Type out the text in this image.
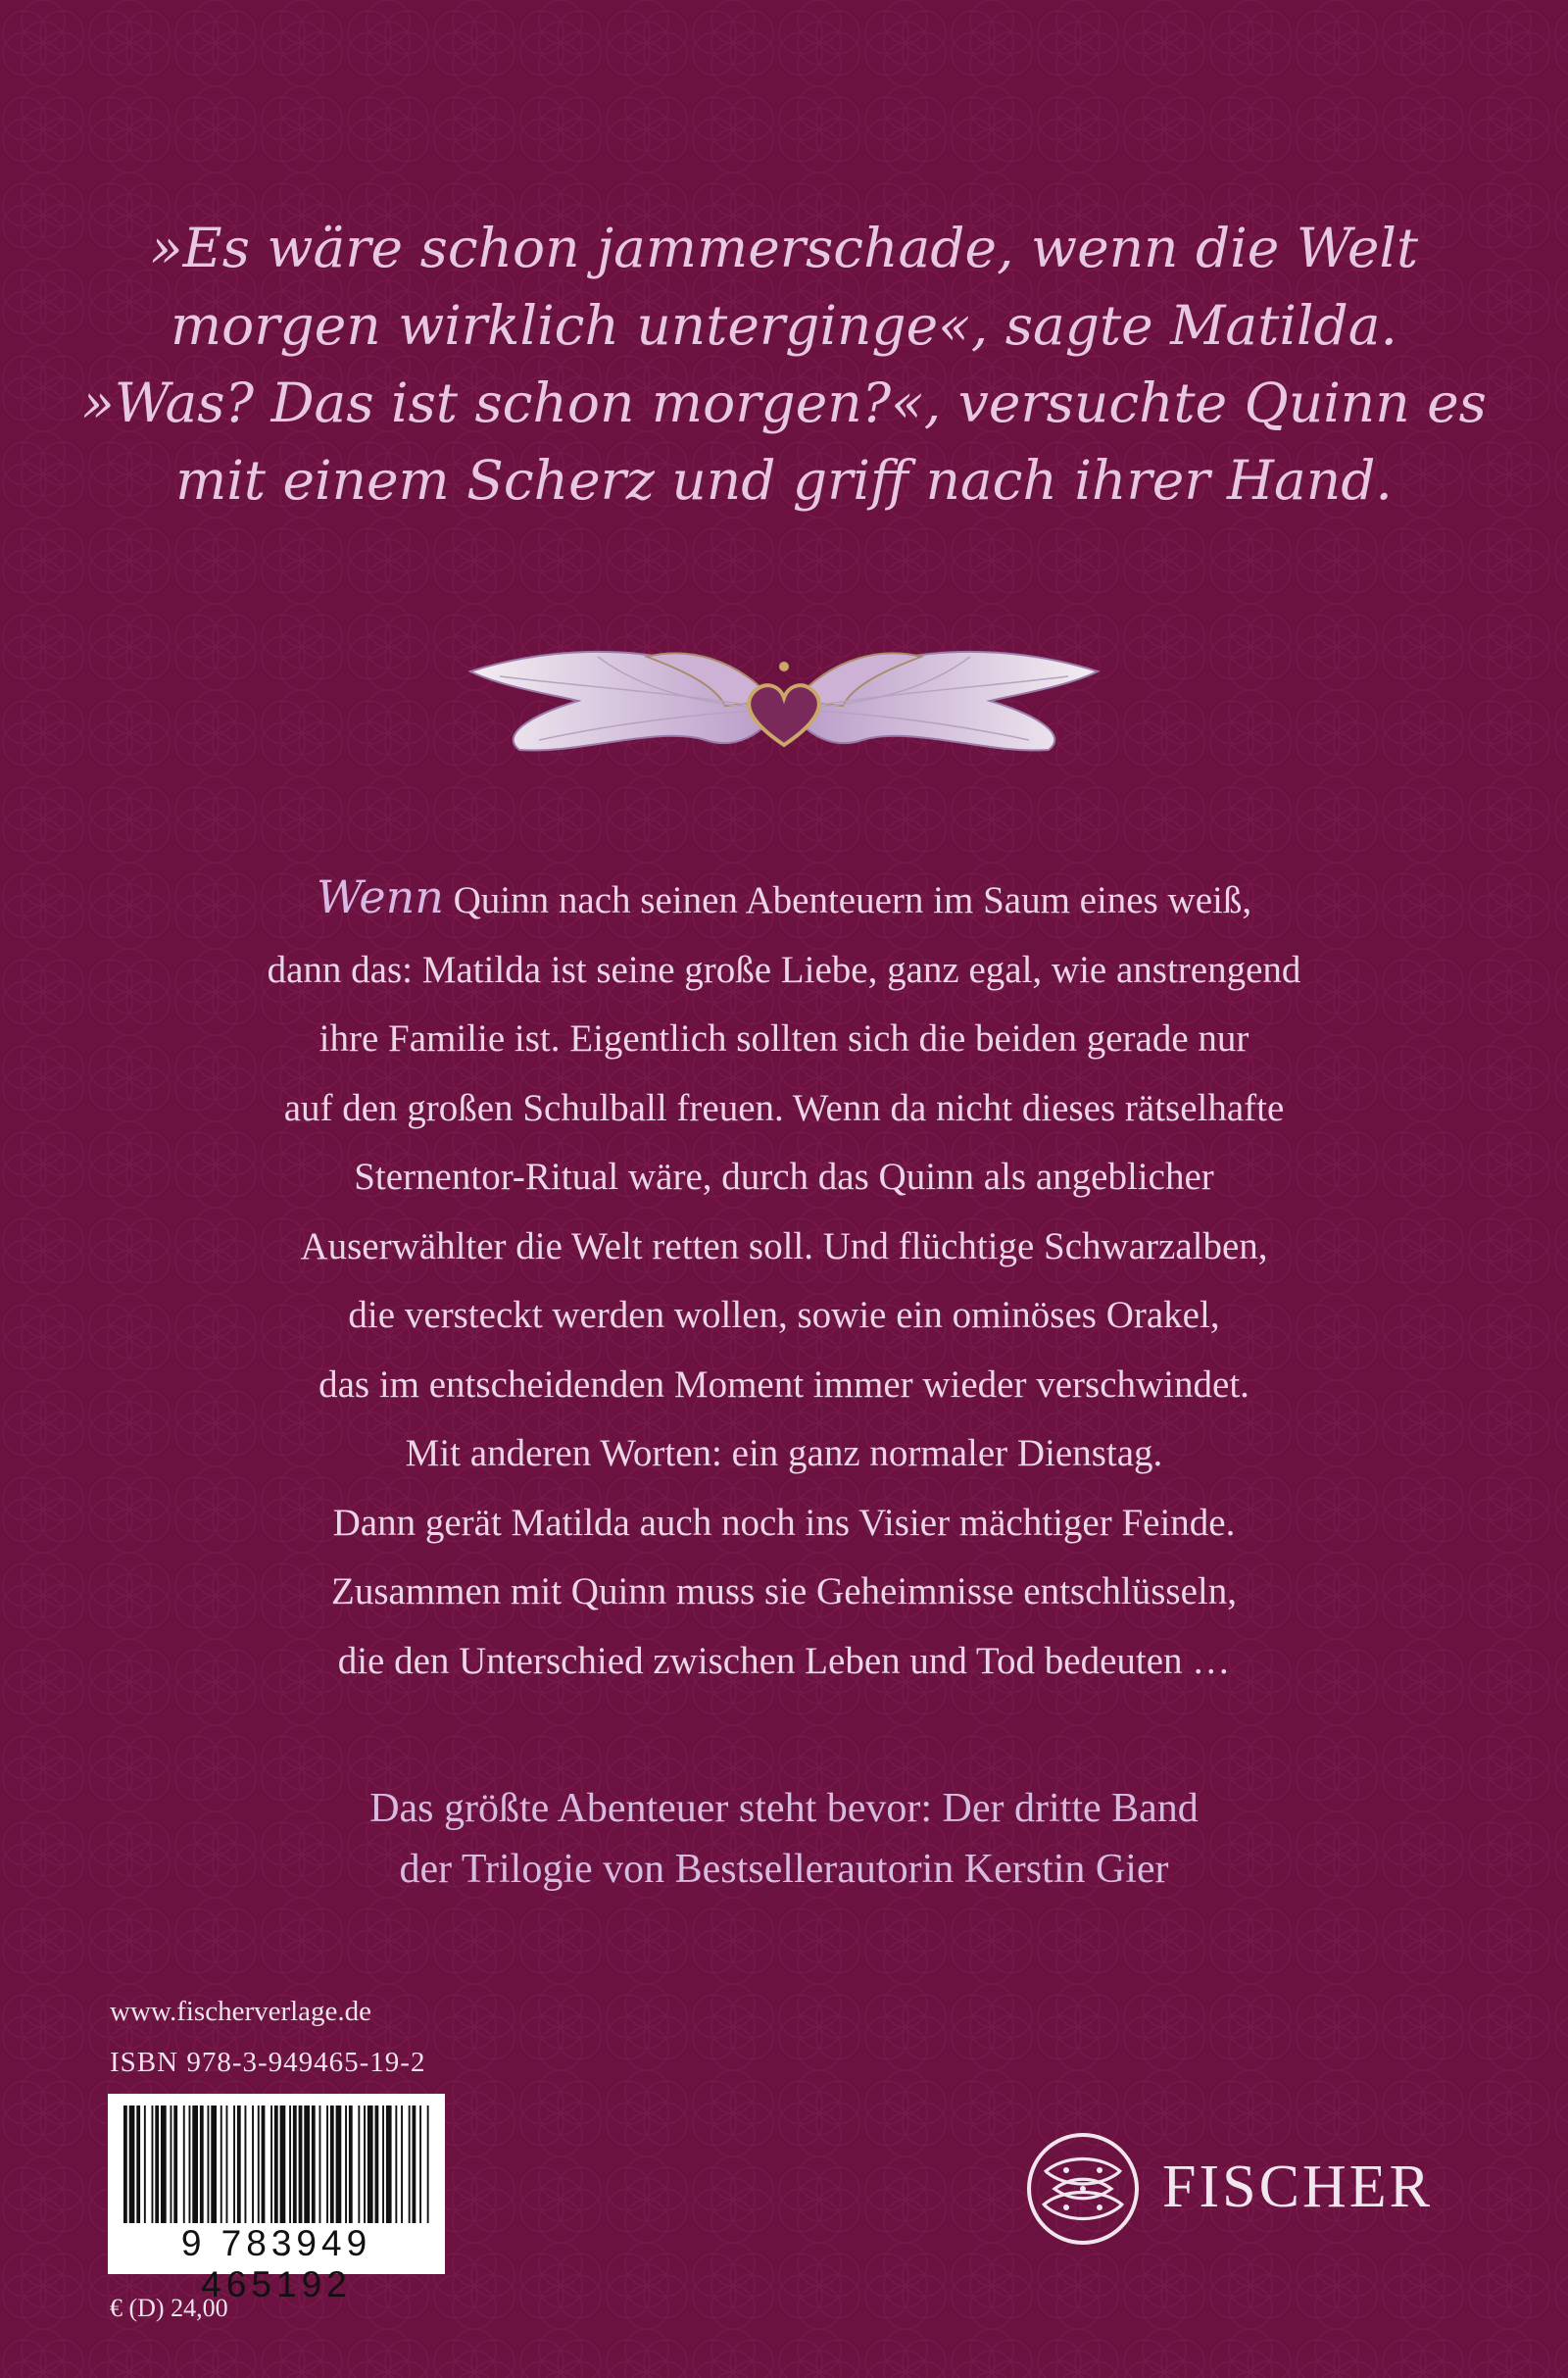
»Es wäre schon jammerschade, wenn die Welt
morgen wirklich unterginge«, sagte Matilda.
»Was? Das ist schon morgen?«, versuchte Quinn es
mit einem Scherz und griff nach ihrer Hand.
Wenn Quinn nach seinen Abenteuern im Saum eines weiß,
dann das: Matilda ist seine große Liebe, ganz egal, wie anstrengend
ihre Familie ist. Eigentlich sollten sich die beiden gerade nur
auf den großen Schulball freuen. Wenn da nicht dieses rätselhafte
Sternentor-Ritual wäre, durch das Quinn als angeblicher
Auserwählter die Welt retten soll. Und flüchtige Schwarzalben,
die versteckt werden wollen, sowie ein ominöses Orakel,
das im entscheidenden Moment immer wieder verschwindet.
Mit anderen Worten: ein ganz normaler Dienstag.
Dann gerät Matilda auch noch ins Visier mächtiger Feinde.
Zusammen mit Quinn muss sie Geheimnisse entschlüsseln,
die den Unterschied zwischen Leben und Tod bedeuten …
Das größte Abenteuer steht bevor: Der dritte Band
der Trilogie von Bestsellerautorin Kerstin Gier
www.fischerverlage.de
ISBN 978-3-949465-19-2
9 783949 465192
€ (D) 24,00
FISCHER
